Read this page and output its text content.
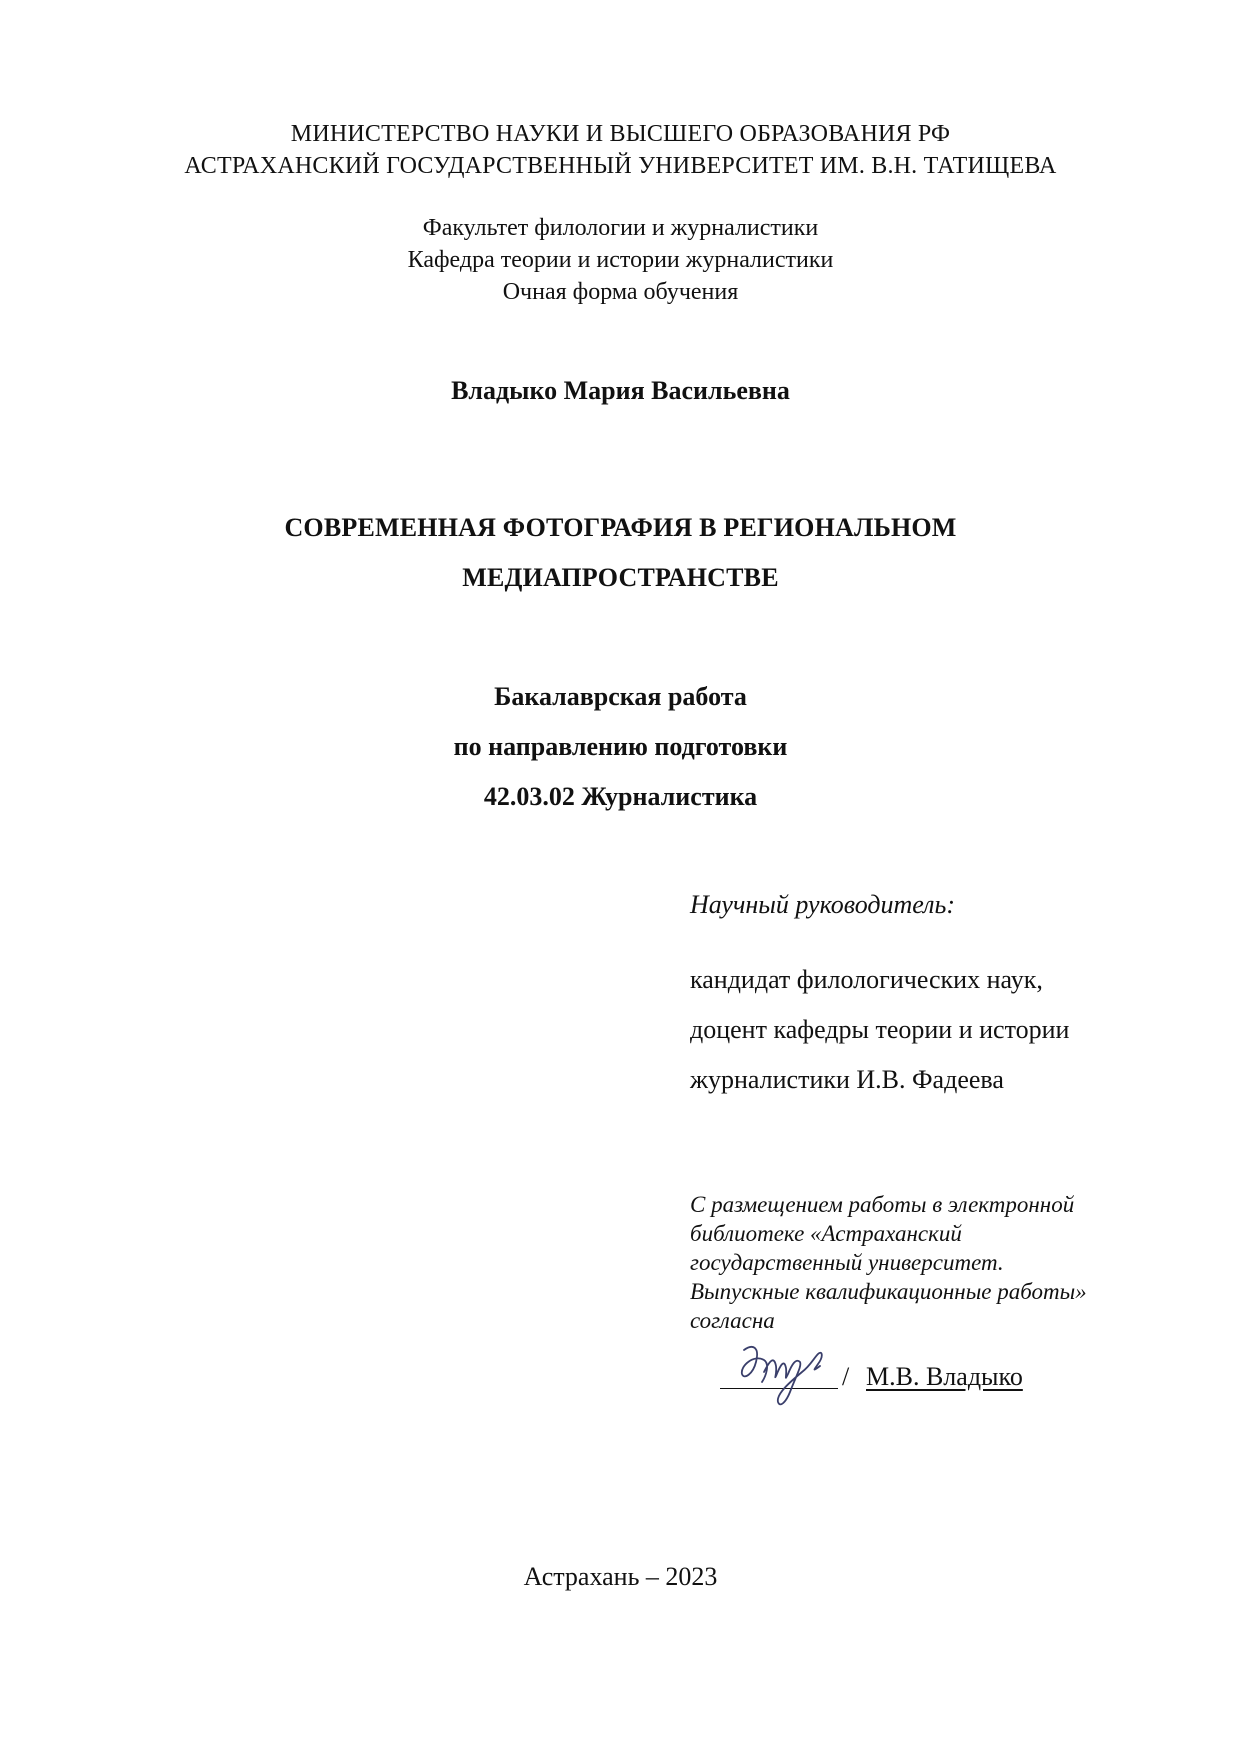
МИНИСТЕРСТВО НАУКИ И ВЫСШЕГО ОБРАЗОВАНИЯ РФ
АСТРАХАНСКИЙ ГОСУДАРСТВЕННЫЙ УНИВЕРСИТЕТ ИМ. В.Н. ТАТИЩЕВА
Факультет филологии и журналистики
Кафедра теории и истории журналистики
Очная форма обучения
Владыко Мария Васильевна
СОВРЕМЕННАЯ ФОТОГРАФИЯ В РЕГИОНАЛЬНОМ
МЕДИАПРОСТРАНСТВЕ
Бакалаврская работа
по направлению подготовки
42.03.02 Журналистика
Научный руководитель:
кандидат филологических наук,
доцент кафедры теории и истории
журналистики И.В. Фадеева
С размещением работы в электронной
библиотеке «Астраханский
государственный университет.
Выпускные квалификационные работы»
согласна
/ М.В. Владыко
Астрахань – 2023
